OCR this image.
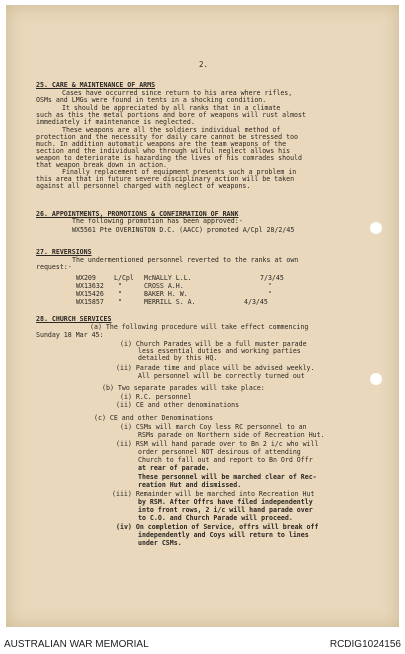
2.
25. CARE & MAINTENANCE OF ARMS
Cases have occurred since return to his area where rifles,
OSMs and LMGs were found in tents in a shocking condition.
It should be appreciated by all ranks that in a climate
such as this the metal portions and bore of weapons will rust almost
immediately if maintenance is neglected.
These weapons are all the soldiers individual method of
protection and the necessity for daily care cannot be stressed too
much. In addition automatic weapons are the team weapons of the
section and the individual who through wilful neglect allows his
weapon to deteriorate is hazarding the lives of his comrades should
that weapon break down in action.
Finally replacement of equipment presents such a problem in
this area that in future severe disciplinary action will be taken
against all personnel charged with neglect of weapons.
26. APPOINTMENTS, PROMOTIONS & CONFIRMATION OF RANK
The following promotion has been approved:-
WX5561 Pte OVERINGTON D.C. (AACC) promoted A/Cpl 28/2/45
27. REVERSIONS
The undermentioned personnel reverted to the ranks at own
request:-
WX209	L/Cpl McNALLY L.L.	7/3/45
WX13632 "	CROSS A.H.	"
WX15426 "	BAKER H. W.	"
WX15857 "	MERRILL S. A.	4/3/45
28. CHURCH SERVICES
(a) The following procedure will take effect commencing
Sunday 18 Mar 45:
(i) Church Parades will be a full muster parade
less essential duties and working parties
detailed by this HQ.
(ii) Parade time and place will be advised weekly.
All personnel will be correctly turned out
(b) Two separate parades will take place:
(i) R.C. personnel
(ii) CE and other denominations
(c) CE and other Denominations
(i) CSMs will march Coy less RC personnel to an
RSMs parade on Northern side of Recreation Hut.
(ii) RSM will hand parade over to Bn 2 i/c who will
order personnel NOT desirous of attending
Church to fall out and report to Bn Ord Offr
at rear of parade.
These personnel will be marched clear of Rec-
reation Hut and dismissed.
(iii) Remainder will be marched into Recreation Hut
by RSM. After Offrs have filed independently
into front rows, 2 i/c will hand parade over
to C.O. and Church Parade will proceed.
(iv) On completion of Service, offrs will break off
independently and Coys will return to lines
under CSMs.
AUSTRALIAN WAR MEMORIAL	RCDIG1024156
